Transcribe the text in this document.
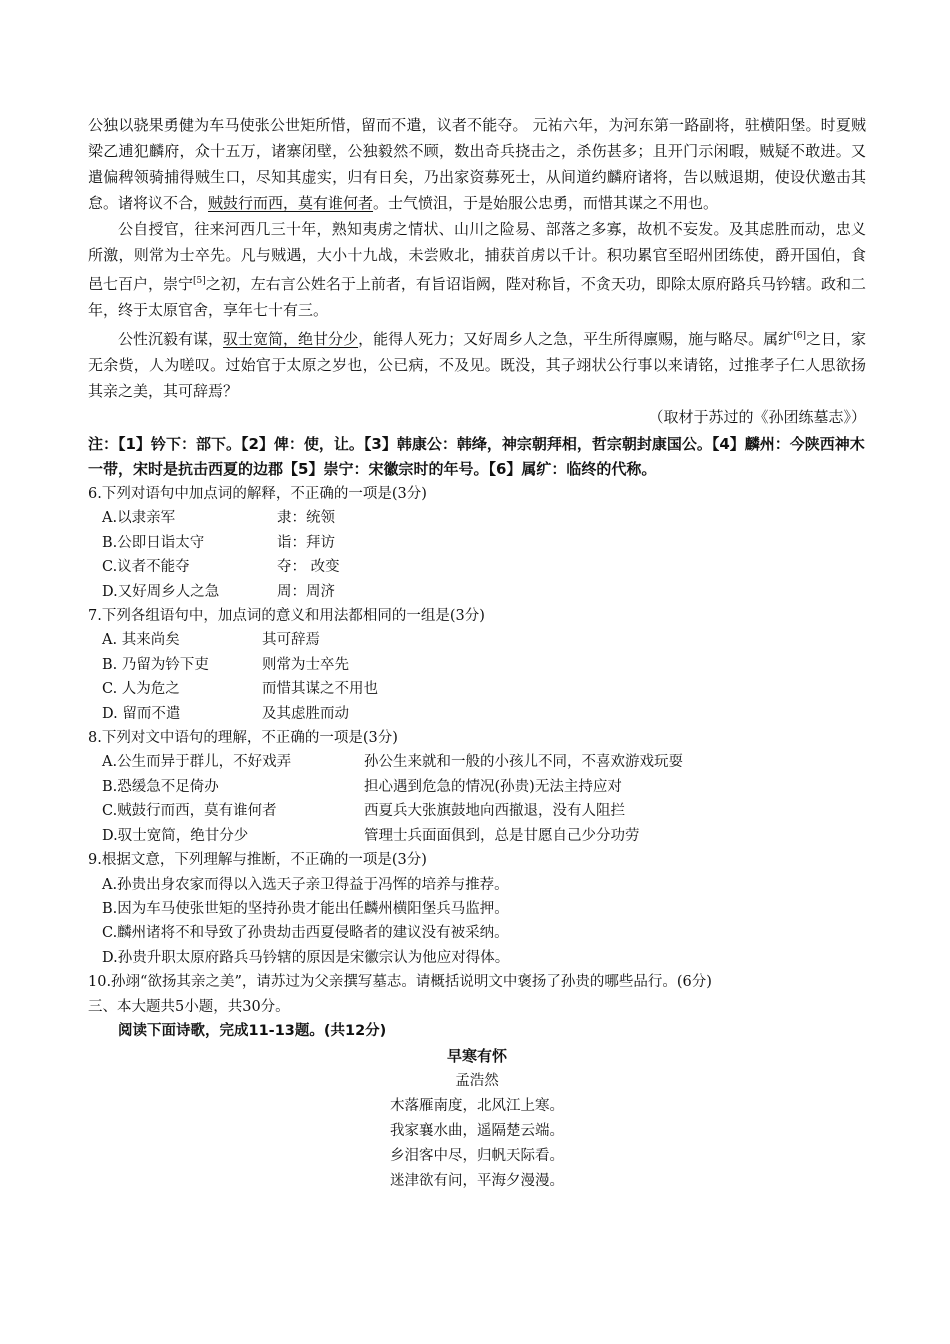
公独以骁果勇健为车马使张公世矩所惜，留而不遣，议者不能夺。 元祐六年，为河东第一路副将，驻横阳堡。时夏贼梁乙逋犯麟府，众十五万，诸寨闭壁，公独毅然不顾，数出奇兵挠击之，杀伤甚多；且开门示闲暇，贼疑不敢进。又遣偏稗领骑捕得贼生口，尽知其虚实，归有日矣，乃出家资募死士，从间道约麟府诸将，告以贼退期，使设伏邀击其怠。诸将议不合，贼鼓行而西，莫有谁何者。士气愤沮，于是始服公忠勇，而惜其谋之不用也。

公自授官，往来河西几三十年，熟知夷虏之情状、山川之险易、部落之多寡，故机不妄发。及其虑胜而动，忠义所激，则常为士卒先。凡与贼遇，大小十九战，未尝败北，捕获首虏以千计。积功累官至昭州团练使，爵开国伯，食邑七百户，崇宁[5]之初，左右言公姓名于上前者，有旨诏诣阙，陛对称旨，不贪天功，即除太原府路兵马钤辖。政和二年，终于太原官舍，享年七十有三。

公性沉毅有谋，驭士宽简，绝甘分少，能得人死力；又好周乡人之急，平生所得廪赐，施与略尽。属纩[6]之日，家无余赀，人为嗟叹。过始官于太原之岁也，公已病，不及见。既没，其子翊状公行事以来请铭，过推孝子仁人思欲扬其亲之美，其可辞焉？

（取材于苏过的《孙团练墓志》）
注：【1】钤下：部下。【2】俾：使，让。【3】韩康公：韩绛，神宗朝拜相，哲宗朝封康国公。【4】麟州：今陕西神木一带，宋时是抗击西夏的边郡【5】崇宁：宋徽宗时的年号。【6】属纩：临终的代称。

6.下列对语句中加点词的解释，不正确的一项是(3分)

A.以隶亲军	隶：统领
B.公即日诣太守	诣：拜访
C.议者不能夺	夺： 改变
D.又好周乡人之急	周：周济

7.下列各组语句中，加点词的意义和用法都相同的一组是(3分)

A. 其来尚矣	其可辞焉
B. 乃留为钤下吏	则常为士卒先
C. 人为危之	而惜其谋之不用也
D. 留而不遣	及其虑胜而动

8.下列对文中语句的理解，不正确的一项是(3分)

A.公生而异于群儿，不好戏弄	孙公生来就和一般的小孩儿不同，不喜欢游戏玩耍
B.恐缓急不足倚办	担心遇到危急的情况(孙贵)无法主持应对
C.贼鼓行而西，莫有谁何者	西夏兵大张旗鼓地向西撤退，没有人阻拦
D.驭士宽简，绝甘分少	管理士兵面面俱到，总是甘愿自己少分功劳

9.根据文意，下列理解与推断，不正确的一项是(3分)

A.孙贵出身农家而得以入选天子亲卫得益于冯恽的培养与推荐。
B.因为车马使张世矩的坚持孙贵才能出任麟州横阳堡兵马监押。
C.麟州诸将不和导致了孙贵劫击西夏侵略者的建议没有被采纳。
D.孙贵升职太原府路兵马钤辖的原因是宋徽宗认为他应对得体。
10.孙翊“欲扬其亲之美”，请苏过为父亲撰写墓志。请概括说明文中褒扬了孙贵的哪些品行。(6分)
三、本大题共5小题，共30分。
阅读下面诗歌，完成11-13题。(共12分)
早寒有怀
孟浩然
木落雁南度，北风江上寒。
我家襄水曲，遥隔楚云端。
乡泪客中尽，归帆天际看。
迷津欲有问，平海夕漫漫。
